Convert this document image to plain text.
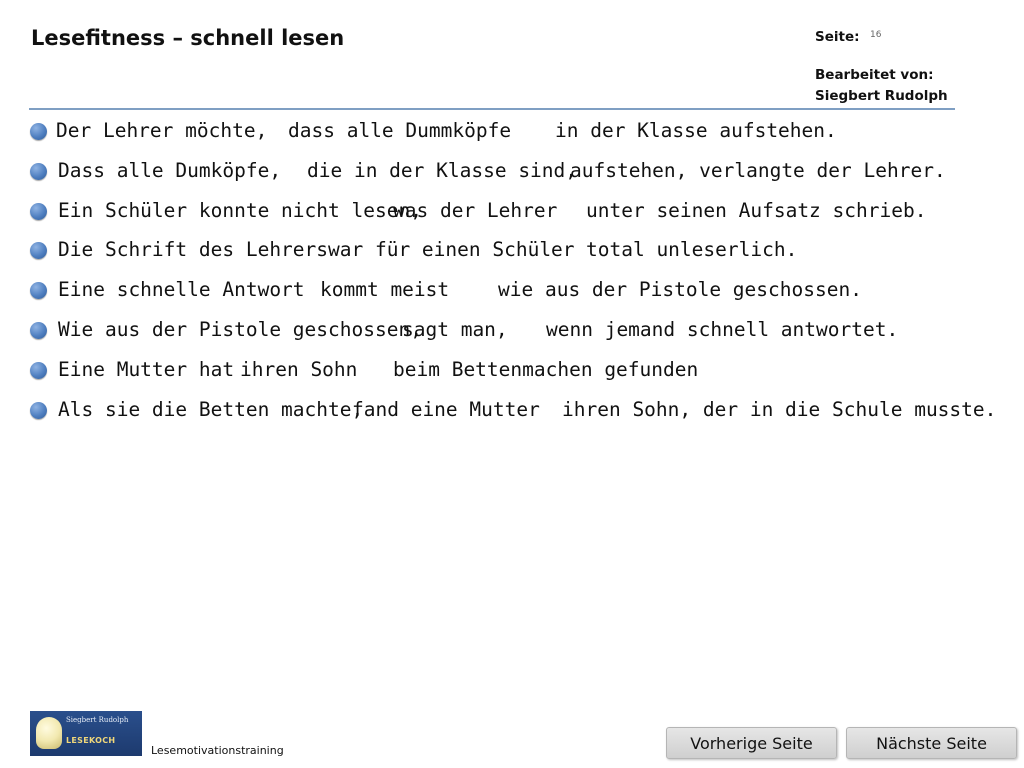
Lesefitness – schnell lesen	Seite: 16
Bearbeitet von:
Siegbert Rudolph
Der Lehrer möchte, dass alle Dummköpfe in der Klasse aufstehen.
Dass alle Dumköpfe, die in der Klasse sind,
aufstehen, verlangte der Lehrer.
Ein Schüler konnte nicht lesen,
was der Lehrer unter seinen Aufsatz schrieb.
Die Schrift des Lehrers war für einen Schüler total unleserlich.
Eine schnelle Antwort kommt meist	wie aus der Pistole geschossen.
Wie aus der Pistole geschossen,
sagt man, wenn jemand schnell antwortet.
Eine Mutter hat ihren Sohn beim Bettenmachen gefunden
Als sie die Betten machte,
fand eine Mutter ihren Sohn, der in die Schule musste.
Siegbert Rudolph
LESEKOCH
Lesemotivationstraining	Vorherige Seite	Nächste Seite
